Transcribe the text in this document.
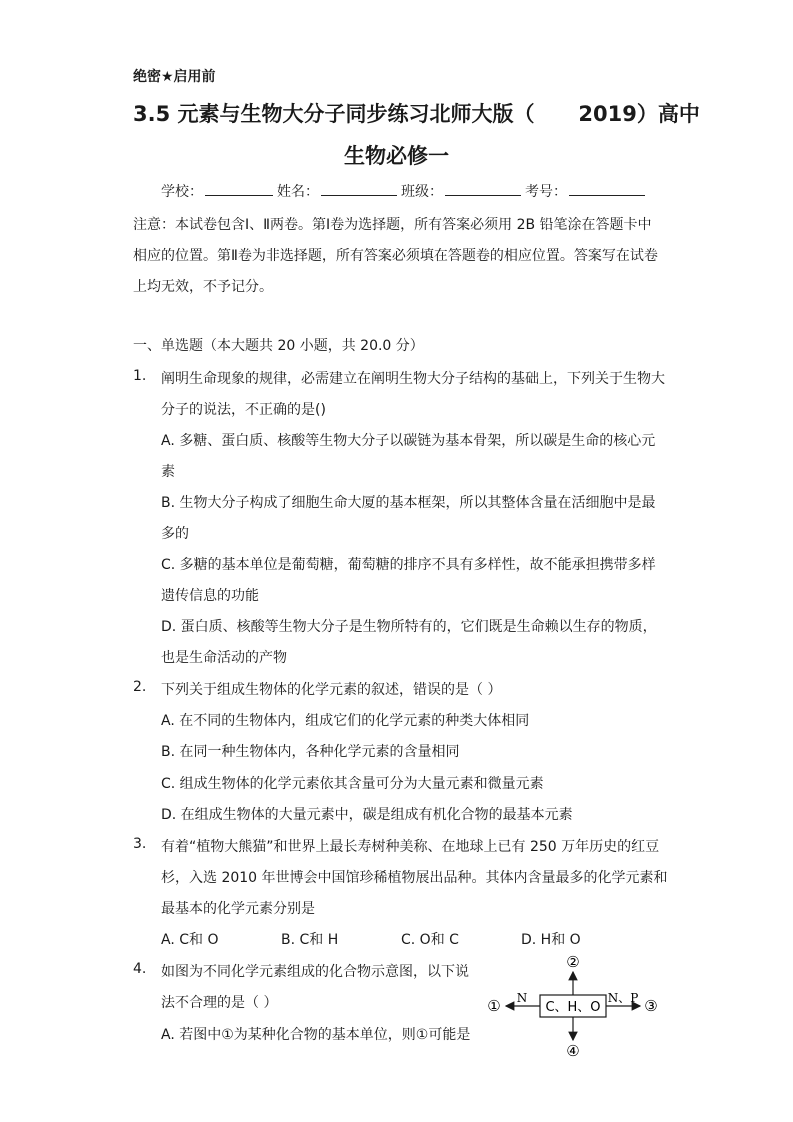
绝密★启用前
3.5 元素与生物大分子同步练习北师大版（      2019）高中
生物必修一
学校：	姓名：	班级：	考号：
注意：本试卷包含Ⅰ、Ⅱ两卷。第Ⅰ卷为选择题，所有答案必须用 2B 铅笔涂在答题卡中相应的位置。第Ⅱ卷为非选择题，所有答案必须填在答题卷的相应位置。答案写在试卷上均无效，不予记分。
一、单选题（本大题共 20 小题，共 20.0 分）
1. 阐明生命现象的规律，必需建立在阐明生物大分子结构的基础上，下列关于生物大
分子的说法，不正确的是()
A. 多糖、蛋白质、核酸等生物大分子以碳链为基本骨架，所以碳是生命的核心元
素
B. 生物大分子构成了细胞生命大厦的基本框架，所以其整体含量在活细胞中是最
多的
C. 多糖的基本单位是葡萄糖，葡萄糖的排序不具有多样性，故不能承担携带多样
遗传信息的功能
D. 蛋白质、核酸等生物大分子是生物所特有的，它们既是生命赖以生存的物质，
也是生命活动的产物
2. 下列关于组成生物体的化学元素的叙述，错误的是（ ）
A. 在不同的生物体内，组成它们的化学元素的种类大体相同
B. 在同一种生物体内，各种化学元素的含量相同
C. 组成生物体的化学元素依其含量可分为大量元素和微量元素
D. 在组成生物体的大量元素中，碳是组成有机化合物的最基本元素
3. 有着“植物大熊猫”和世界上最长寿树种美称、在地球上已有 250 万年历史的红豆
杉，入选 2010 年世博会中国馆珍稀植物展出品种。其体内含量最多的化学元素和
最基本的化学元素分别是
A. C和 O	B. C和 H	C. O和 C	D. H和 O
4. 如图为不同化学元素组成的化合物示意图，以下说
法不合理的是（ ）
A. 若图中①为某种化合物的基本单位，则①可能是
C、H、O
N	N、P
①
②
③
④
